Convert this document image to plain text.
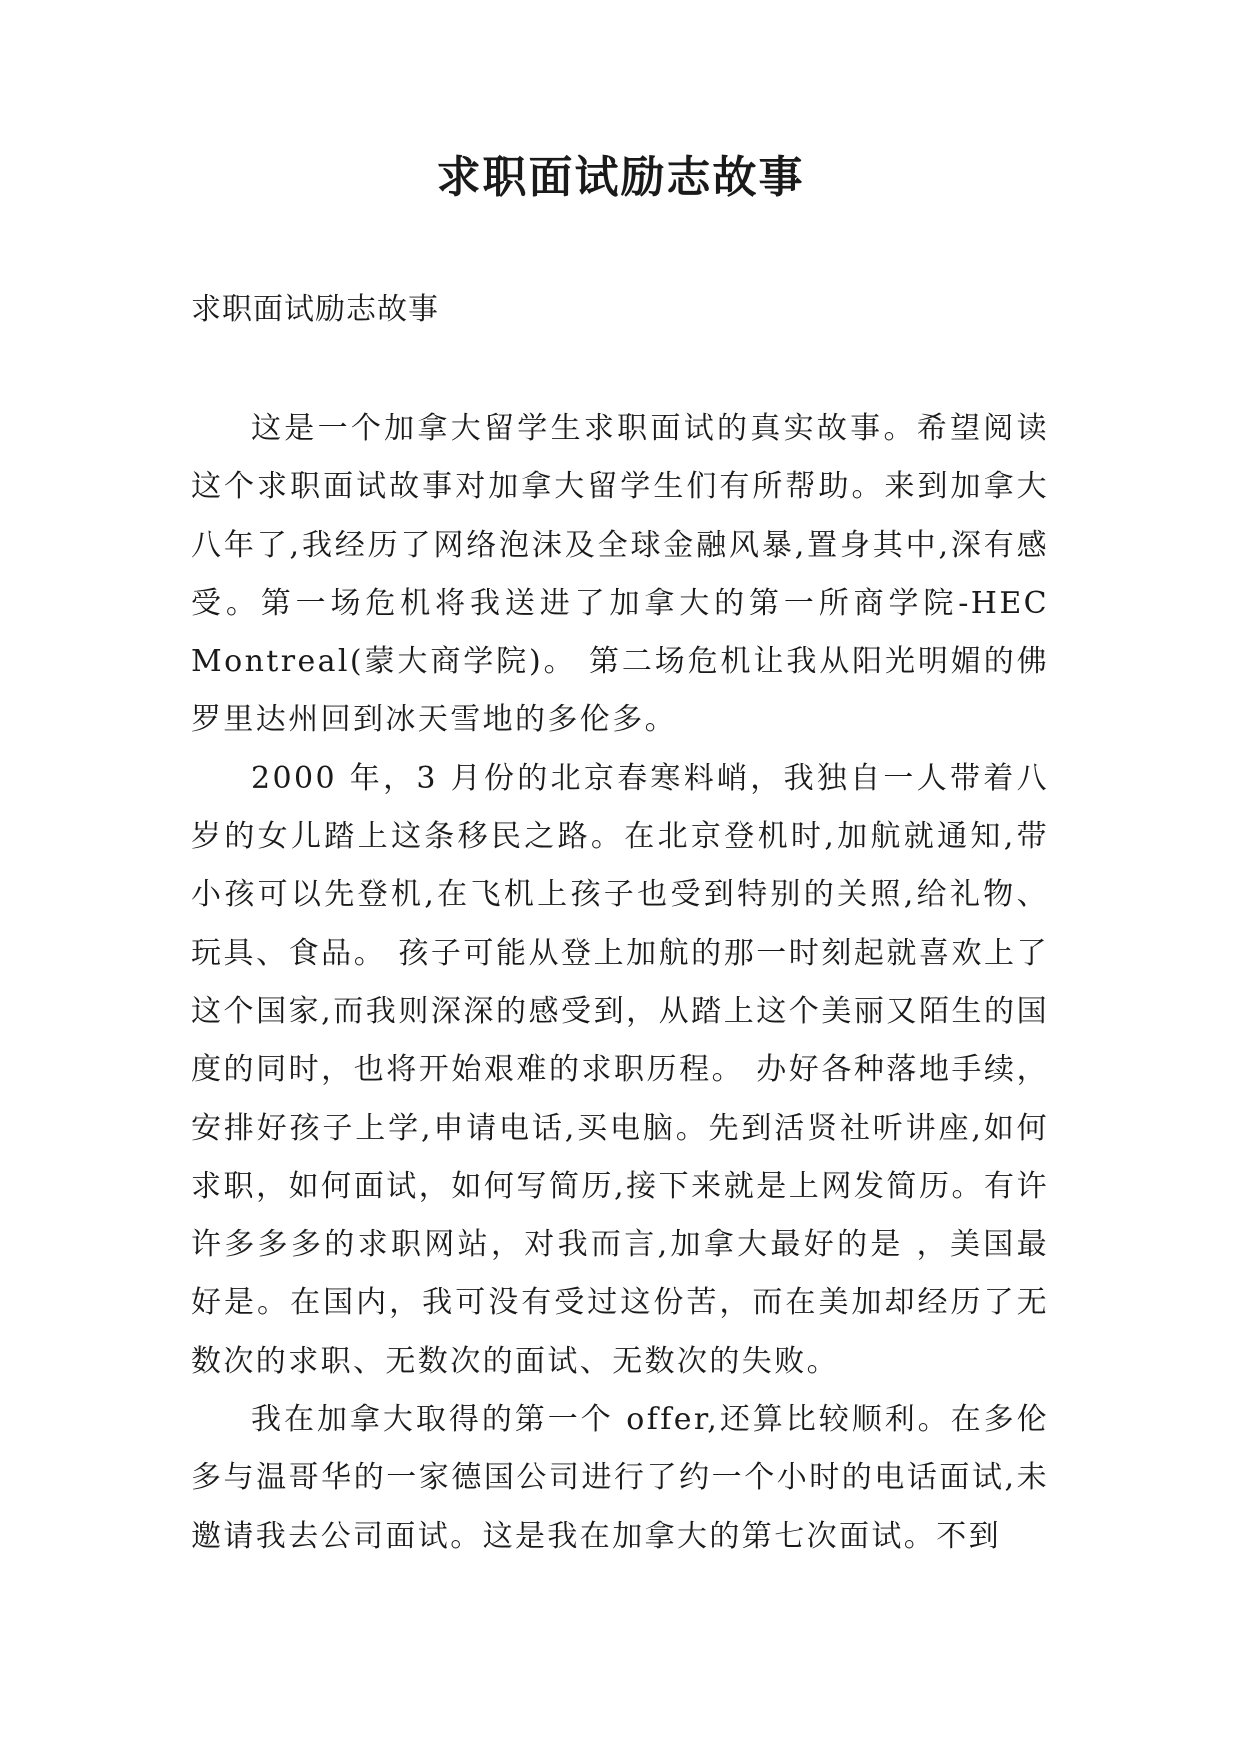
求职面试励志故事
求职面试励志故事

这是一个加拿大留学生求职面试的真实故事。希望阅读这个求职面试故事对加拿大留学生们有所帮助。来到加拿大八年了,我经历了网络泡沫及全球金融风暴,置身其中,深有感受。第一场危机将我送进了加拿大的第一所商学院-HEC Montreal(蒙大商学院)。 第二场危机让我从阳光明媚的佛罗里达州回到冰天雪地的多伦多。

2000 年，3 月份的北京春寒料峭，我独自一人带着八岁的女儿踏上这条移民之路。在北京登机时,加航就通知,带小孩可以先登机,在飞机上孩子也受到特别的关照,给礼物、玩具、食品。 孩子可能从登上加航的那一时刻起就喜欢上了这个国家,而我则深深的感受到，从踏上这个美丽又陌生的国度的同时，也将开始艰难的求职历程。 办好各种落地手续，安排好孩子上学,申请电话,买电脑。先到活贤社听讲座,如何求职，如何面试，如何写简历,接下来就是上网发简历。有许许多多多的求职网站，对我而言,加拿大最好的是 ，美国最好是。在国内，我可没有受过这份苦，而在美加却经历了无数次的求职、无数次的面试、无数次的失败。

我在加拿大取得的第一个 offer,还算比较顺利。在多伦多与温哥华的一家德国公司进行了约一个小时的电话面试,未邀请我去公司面试。这是我在加拿大的第七次面试。不到
